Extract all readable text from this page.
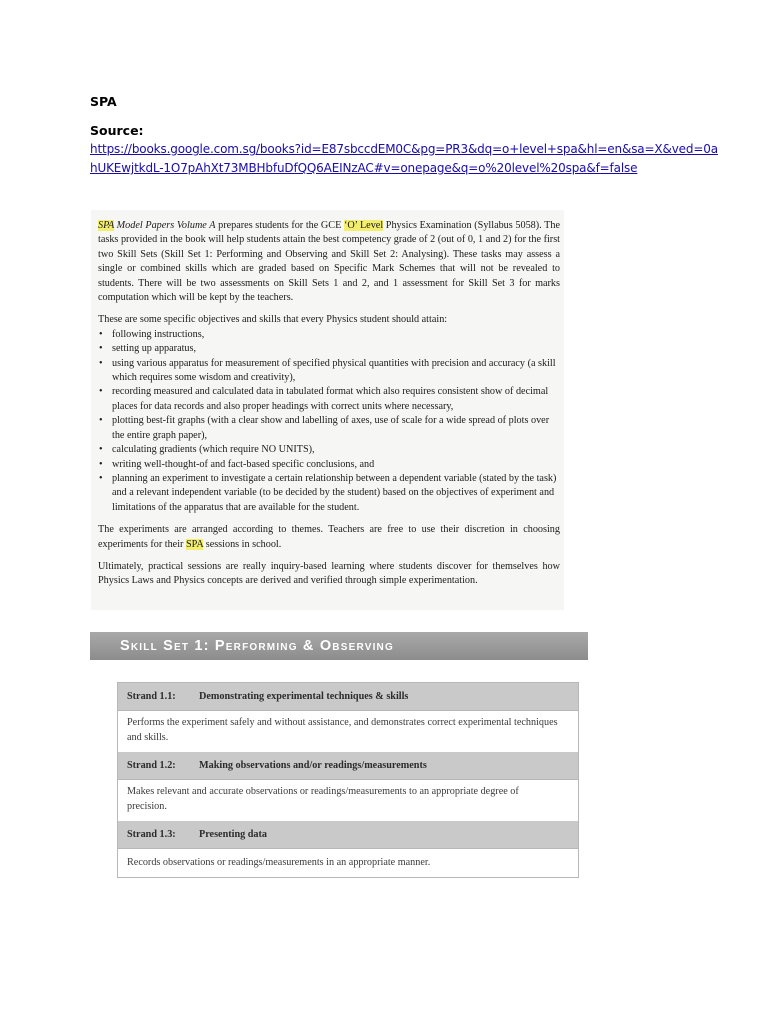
SPA
Source:
https://books.google.com.sg/books?id=E87sbccdEM0C&pg=PR3&dq=o+level+spa&hl=en&sa=X&ved=0a
hUKEwjtkdL-1O7pAhXt73MBHbfuDfQQ6AEINzAC#v=onepage&q=o%20level%20spa&f=false

SPA Model Papers Volume A prepares students for the GCE ‘O’ Level Physics Examination (Syllabus 5058). The tasks provided in the book will help students attain the best competency grade of 2 (out of 0, 1 and 2) for the first two Skill Sets (Skill Set 1: Performing and Observing and Skill Set 2: Analysing). These tasks may assess a single or combined skills which are graded based on Specific Mark Schemes that will not be revealed to students. There will be two assessments on Skill Sets 1 and 2, and 1 assessment for Skill Set 3 for marks computation which will be kept by the teachers.

These are some specific objectives and skills that every Physics student should attain:
• following instructions,
• setting up apparatus,
• using various apparatus for measurement of specified physical quantities with precision and accuracy (a skill which requires some wisdom and creativity),
• recording measured and calculated data in tabulated format which also requires consistent show of decimal places for data records and also proper headings with correct units where necessary,
• plotting best-fit graphs (with a clear show and labelling of axes, use of scale for a wide spread of plots over the entire graph paper),
• calculating gradients (which require NO UNITS),
• writing well-thought-of and fact-based specific conclusions, and
• planning an experiment to investigate a certain relationship between a dependent variable (stated by the task) and a relevant independent variable (to be decided by the student) based on the objectives of experiment and limitations of the apparatus that are available for the student.

The experiments are arranged according to themes. Teachers are free to use their discretion in choosing experiments for their SPA sessions in school.

Ultimately, practical sessions are really inquiry-based learning where students discover for themselves how Physics Laws and Physics concepts are derived and verified through simple experimentation.

Skill Set 1: Performing & Observing
Strand 1.1: Demonstrating experimental techniques & skills
Performs the experiment safely and without assistance, and demonstrates correct experimental techniques and skills.
Strand 1.2: Making observations and/or readings/measurements
Makes relevant and accurate observations or readings/measurements to an appropriate degree of precision.
Strand 1.3: Presenting data
Records observations or readings/measurements in an appropriate manner.
